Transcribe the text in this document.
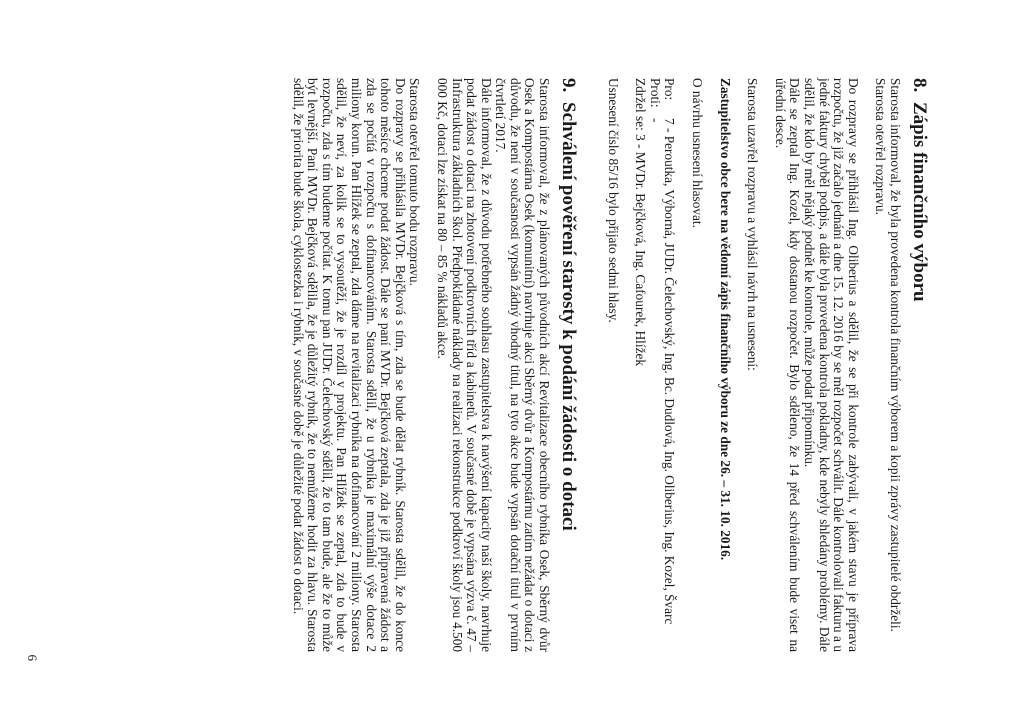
8.Zápis finančního výboru

Starosta informoval, že byla provedena kontrola finančním výborem a kopii zprávy zastupitelé obdrželi.

Starosta otevřel rozpravu.

Do rozpravy se přihlásil Ing. Oliberius a sdělil, že se při kontrole zabývali, v jakém stavu je příprava rozpočtu, že již začalo jednání a dne 15. 12. 2016 by se měl rozpočet schválit. Dále kontrolovali fakturu a u jedné faktury chyběl podpis, a dále byla provedena kontrola pokladny, kde nebyly shledány problémy. Dále sdělil, že kdo by měl nějaký podnět ke kontrole, může podat připomínku.

Dále se zeptal Ing. Kozel, kdy dostanou rozpočet. Bylo sděleno, že 14 před schválením bude viset na úřední desce.

Starosta uzavřel rozpravu a vyhlásil návrh na usnesení:

Zastupitelstvo obce bere na vědomí zápis finančního výboru ze dne 26. – 31. 10. 2016.

O návrhu usnesení hlasovat.

Pro:
7 - Peroutka, Výborná, JUDr. Čelechovský, Ing. Bc. Dudlová, Ing. Oliberius, Ing. Kozel, Švarc
Proti:
-
Zdržel se: 3 - MVDr. Bejčková, Ing. Cafourek, Hlížek

Usnesení číslo 85/16 bylo přijato sedmi hlasy.

9.Schválení pověření starosty k podání žádosti o dotaci

Starosta informoval, že z plánovaných původních akcí Revitalizace obecního rybníka Osek, Sběrný dvůr Osek a Kompostárna Osek (komunitní) navrhuje akci Sběrný dvůr a Kompostárnu zatím nežádat o dotaci z důvodu, že není v současnosti vypsán žádný vhodný titul, na tyto akce bude vypsán dotační titul v prvním čtvrtletí 2017.

Dále informoval, že z důvodu potřebného souhlasu zastupitelstva k navýšení kapacity naší školy, navrhuje podat žádost o dotaci na zhotovení podkrovních tříd a kabinetů. V současné době je vypsána výzva č. 47 – Infrastruktura základních škol. Předpokládané náklady na realizaci rekonstrukce podkroví školy jsou 4.500 000 Kč, dotaci lze získat na 80 – 85 % nákladů akce.

Starosta otevřel tomuto bodu rozpravu.

Do rozpravy se přihlásila MVDr. Bejčková s tím, zda se bude dělat rybník. Starosta sdělil, že do konce tohoto měsíce chceme podat žádost. Dále se paní MVDr. Bejčková zeptala, zda je již připravená žádost a zda se počítá v rozpočtu s dofinancováním. Starosta sdělil, že u rybníka je maximální výše dotace 2 miliony korun. Pan Hlížek se zeptal, zda dáme na revitalizaci rybníka na dofinancování 2 miliony. Starosta sdělil, že neví, za kolik se to vysoutěží, že je rozdíl v projektu. Pan Hlížek se zeptal, zda to bude v rozpočtu, zda s tím budeme počítat. K tomu pan JUDr. Čelechovský sdělil, že to tam bude, ale že to může být levnější. Paní MVDr. Bejčková sdělila, že je důležitý rybník, že to nemůžeme hodit za hlavu. Starosta sdělil, že priorita bude škola, cyklostezka i rybník, v současné době je důležité podat žádost o dotaci.

6
